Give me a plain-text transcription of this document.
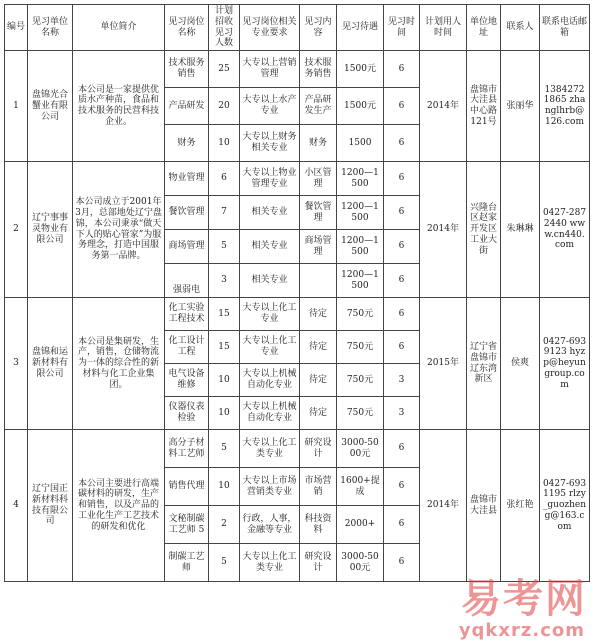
编号	见习单位名称	单位简介	见习岗位名称	计划招收见习人数	见习岗位相关专业要求	见习内容	见习待遇	见习时间	计划用人时间	单位地址	联系人	联系电话邮箱
1	盘锦光合蟹业有限公司	本公司是一家提供优质水产种苗，食品和技术服务的民营科技企业。	技术服务销售	25	大专以上营销管理	技术服务销售	1500元	6	2014年	盘锦市大洼县中心路121号	张丽华	13842721865 zhanglhrb@126.com
			产品研发	20	大专以上水产专业	产品研发生产	1500元	6				
			财务	10	大专以上财务相关专业	财务	1500	6				
2	辽宁事事灵物业有限公司	本公司成立于2001年3月，总部地处辽宁盘锦，本公司秉承“做天下人的贴心管家”为服务理念，打造中国服务第一品牌。	物业管理	6	大专以上物业管理专业	小区管理	1200—1500	6	2014年	兴隆台区赵家开发区工业大街	朱琳琳	0427-2872440 www.cn440.com
			餐饮管理	7	相关专业	餐饮管理	1200—1500	6				
			商场管理	5	相关专业	商场管理	1200—1500	6				
			强弱电	3	相关专业		1200—1500	6				
3	盘锦和运新材料有限公司	本公司是集研发，生产，销售，仓储物流为一体的综合性的新材料与化工企业集团。	化工实验工程技术	15	大专以上化工专业	待定	750元	6	2015年	辽宁省盘锦市辽东湾新区	侯爽	0427-6939123 hyzp@heyungroup.com
			化工设计工程	15	大专以上化工专业	待定	750元	6				
			电气设备维修	10	大专以上机械自动化专业	待定	750元	3				
			仪器仪表检验	10	大专以上机械自动化专业	待定	750元	3				
4	辽宁国正新材料科技有限公司	本公司主要进行高端碳材料的研发，生产和销售，以及产品的工业化生产工艺技术的研发和优化	高分子材料工艺师	5	大专以上化工类专业	研究设计	3000-5000元	6	2014年	盘锦市大洼县	张红艳	0427-6931195 rlzy_guozheng@163.com
			销售代理	10	大专以上市场营销类专业	市场营销	1600+提成	6				
			文秘制碳工艺师 5	2	行政，人事，金融等专业	科技资料	2000+	6				
			制碳工艺师	5	大专以上化工类专业	研究设计	3000-5000元	6				
易考网
yqkxrz.com
